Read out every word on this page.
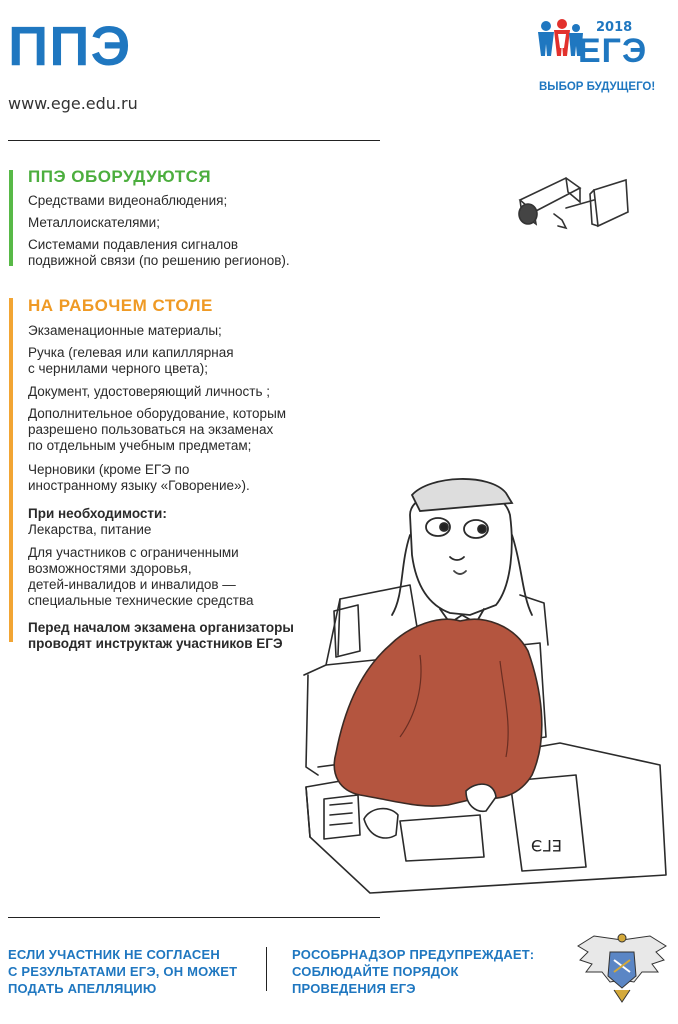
ППЭ
www.ege.edu.ru
2018
ЕГЭ
ВЫБОР БУДУЩЕГО!
ППЭ ОБОРУДУЮТСЯ
Средствами видеонаблюдения;
Металлоискателями;
Системами подавления сигналов
подвижной связи (по решению регионов).
НА РАБОЧЕМ СТОЛЕ
Экзаменационные материалы;
Ручка (гелевая или капиллярная
с чернилами черного цвета);
Документ, удостоверяющий личность ;
Дополнительное оборудование, которым
разрешено пользоваться на экзаменах
по отдельным учебным предметам;
Черновики (кроме ЕГЭ по
иностранному языку «Говорение»).
При необходимости:
Лекарства, питание
Для участников с ограниченными
возможностями здоровья,
детей-инвалидов и инвалидов —
специальные технические средства
Перед началом экзамена организаторы
проводят инструктаж участников ЕГЭ
ЕГЭ
ЕСЛИ УЧАСТНИК НЕ СОГЛАСЕН
С РЕЗУЛЬТАТАМИ ЕГЭ, ОН МОЖЕТ
ПОДАТЬ АПЕЛЛЯЦИЮ
РОСОБРНАДЗОР ПРЕДУПРЕЖДАЕТ:
СОБЛЮДАЙТЕ ПОРЯДОК
ПРОВЕДЕНИЯ ЕГЭ
